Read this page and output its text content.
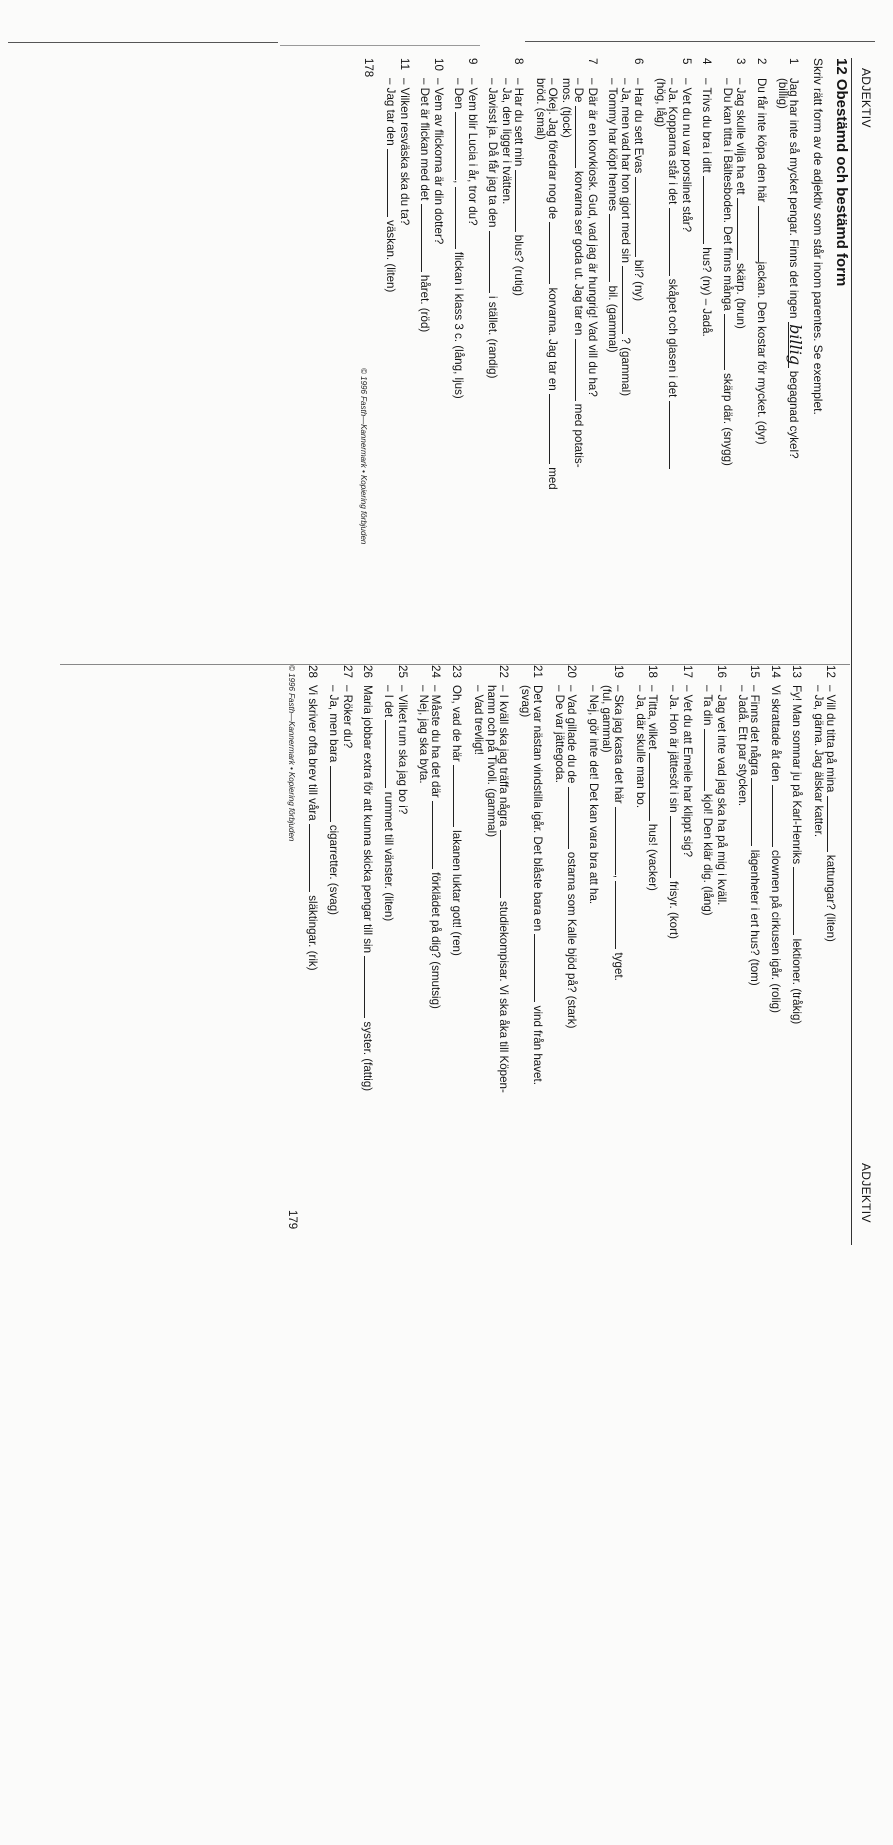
ADJEKTIV
12 Obestämd och bestämd form
Skriv rätt form av de adjektiv som står inom parentes. Se exemplet.
1Jag har inte så mycket pengar. Finns det ingen billig begagnad cykel?
(billig)
2Du får inte köpa den här jackan. Den kostar för mycket. (dyr)
3– Jag skulle vilja ha ett  skärp. (brun)
– Du kan titta i Bältesboden. Det finns många  skärp där. (snygg)
4– Trivs du bra i ditt  hus? (ny) – Jadå.
5– Vet du nu var porslinet står?
– Ja. Kopparna står i det  skåpet och glasen i det
(hög, låg)
6– Har du sett Evas  bil? (ny)
– Ja, men vad har hon gjort med sin  ? (gammal)
– Tommy har köpt hennes  bil. (gammal)
7– Där är en korvkiosk. Gud, vad jag är hungrig! Vad vill du ha?
– De  korvarna ser goda ut. Jag tar en  med potatis-
mos. (tjock)
– Okej. Jag föredrar nog de  korvarna. Jag tar en  med
bröd. (smal)
8– Har du sett min  blus? (rutig)
– Ja, den ligger i tvätten.
– Javisst ja. Då får jag ta den  i stället. (randig)
9– Vem blir Lucia i år, tror du?
– Den ,  flickan i klass 3 c. (lång, ljus)
10– Vem av flickorna är din dotter?
– Det är flickan med det  håret. (röd)
11– Vilken resväska ska du ta?
– Jag tar den  väskan. (liten)
178
© 1996 Fasth—Kannermark • Kopiering förbjuden
ADJEKTIV
12– Vill du titta på mina  kattungar? (liten)
– Ja, gärna. Jag älskar katter.
13Fy! Man somnar ju på Karl-Henriks  lektioner. (tråkig)
14Vi skrattade åt den  clownen på cirkusen igår. (rolig)
15– Finns det några  lägenheter i ert hus? (tom)
– Jadå. Ett par stycken.
16– Jag vet inte vad jag ska ha på mig i kväll.
– Ta din  kjol! Den klär dig. (lång)
17– Vet du att Emelie har klippt sig?
– Ja. Hon är jättesöt i sin  frisyr. (kort)
18– Titta, vilket  hus! (vacker)
– Ja, där skulle man bo.
19– Ska jag kasta det här ,  tyget.
(ful, gammal)
– Nej, gör inte det! Det kan vara bra att ha.
20– Vad gillade du de  ostarna som Kalle bjöd på? (stark)
– De var jättegoda.
21Det var nästan vindstilla igår. Det blåste bara en  vind från havet.
(svag)
22– I kväll ska jag träffa några  studiekompisar. Vi ska åka till Köpen-
hamn och på Tivoli. (gammal)
– Vad trevligt!
23Oh, vad de här  lakanen luktar gott! (ren)
24– Måste du ha det där  förklädet på dig? (smutsig)
– Nej, jag ska byta.
25– Vilket rum ska jag bo i?
– I det  rummet till vänster. (liten)
26Maria jobbar extra för att kunna skicka pengar till sin  syster. (fattig)
27– Röker du?
– Ja, men bara  cigarretter. (svag)
28Vi skriver ofta brev till våra  släktingar. (rik)
© 1996 Fasth—Kannermark • Kopiering förbjuden
179
